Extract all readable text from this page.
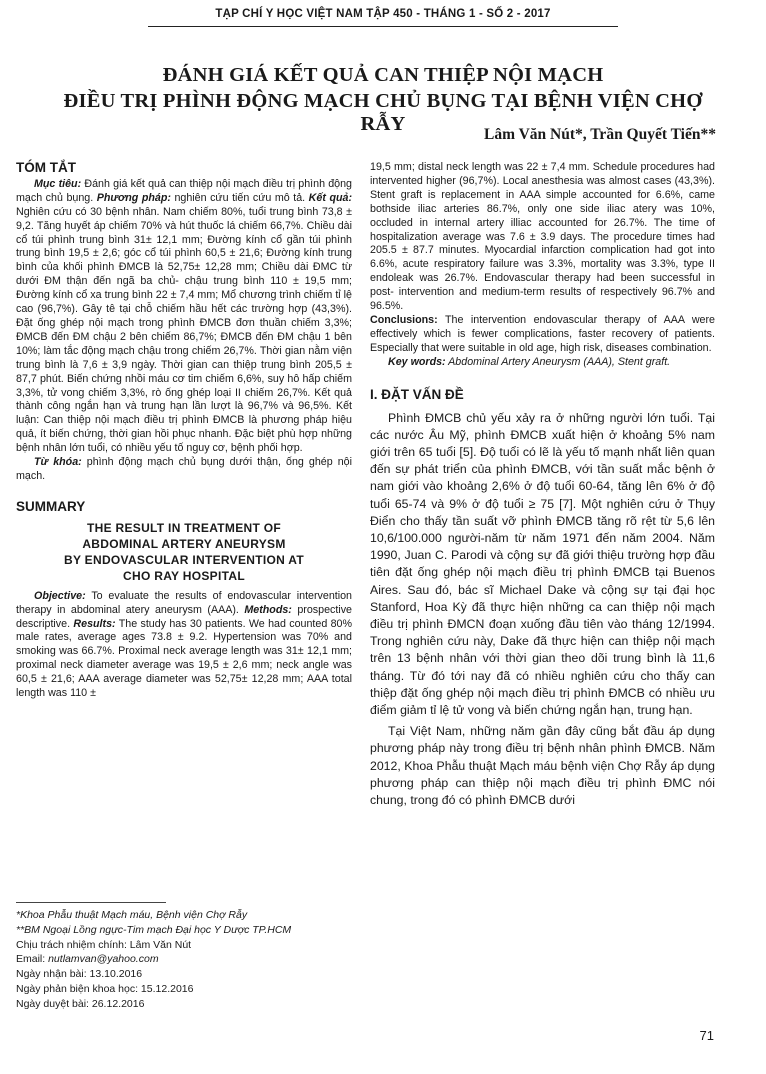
TẠP CHÍ Y HỌC VIỆT NAM TẬP 450 - THÁNG 1 - SỐ 2 - 2017
ĐÁNH GIÁ KẾT QUẢ CAN THIỆP NỘI MẠCH
ĐIỀU TRỊ PHÌNH ĐỘNG MẠCH CHỦ BỤNG TẠI BỆNH VIỆN CHỢ RẪY	Lâm Văn Nút*, Trần Quyết Tiến**
TÓM TẮT

Mục tiêu: Đánh giá kết quả can thiệp nội mạch điều trị phình động mạch chủ bụng. Phương pháp: nghiên cứu tiến cứu mô tả. Kết quả: Nghiên cứu có 30 bệnh nhân. Nam chiếm 80%, tuổi trung bình 73,8 ± 9,2. Tăng huyết áp chiếm 70% và hút thuốc lá chiếm 66,7%. Chiều dài cổ túi phình trung bình 31± 12,1 mm; Đường kính cổ gần túi phình trung bình 19,5 ± 2,6; góc cổ túi phình 60,5 ± 21,6; Đường kính trung bình của khối phình ĐMCB là 52,75± 12,28 mm; Chiều dài ĐMC từ dưới ĐM thận đến ngã ba chủ- chậu trung bình 110 ± 19,5 mm; Đường kính cổ xa trung bình 22 ± 7,4 mm; Mổ chương trình chiếm tỉ lệ cao (96,7%). Gây tê tại chỗ chiếm hầu hết các trường hợp (43,3%). Đặt ống ghép nội mạch trong phình ĐMCB đơn thuần chiếm 3,3%; ĐMCB đến ĐM chậu 2 bên chiếm 86,7%; ĐMCB đến ĐM chậu 1 bên 10%; làm tắc động mạch chậu trong chiếm 26,7%. Thời gian nằm viện trung bình là 7,6 ± 3,9 ngày. Thời gian can thiệp trung bình 205,5 ± 87,7 phút. Biến chứng nhồi máu cơ tim chiếm 6,6%, suy hô hấp chiếm 3,3%, tử vong chiếm 3,3%, rò ống ghép loại II chiếm 26,7%. Kết quả thành công ngắn hạn và trung hạn lần lượt là 96,7% và 96,5%. Kết luận: Can thiệp nội mạch điều trị phình ĐMCB là phương pháp hiệu quả, ít biến chứng, thời gian hồi phục nhanh. Đặc biệt phù hợp những bệnh nhân lớn tuổi, có nhiều yếu tố nguy cơ, bệnh phối hợp.

Từ khóa: phình động mạch chủ bụng dưới thận, ống ghép nội mạch.

SUMMARY
THE RESULT IN TREATMENT OF
ABDOMINAL ARTERY ANEURYSM
BY ENDOVASCULAR INTERVENTION AT
CHO RAY HOSPITAL

Objective: To evaluate the results of endovascular intervention therapy in abdominal atery aneurysm (AAA). Methods: prospective descriptive. Results: The study has 30 patients. We had counted 80% male rates, average ages 73.8 ± 9.2. Hypertension was 70% and smoking was 66.7%. Proximal neck average length was 31± 12,1 mm; proximal neck diameter average was 19,5 ± 2,6 mm; neck angle was 60,5 ± 21,6; AAA average diameter was 52,75± 12,28 mm; AAA total length was 110 ±

*Khoa Phẫu thuật Mạch máu, Bệnh viện Chợ Rẫy
**BM Ngoại Lồng ngực-Tim mạch Đại học Y Dược TP.HCM
Chịu trách nhiệm chính: Lâm Văn Nút
Email: nutlamvan@yahoo.com
Ngày nhận bài: 13.10.2016
Ngày phản biện khoa học: 15.12.2016
Ngày duyệt bài: 26.12.2016

19,5 mm; distal neck length was 22 ± 7,4 mm. Schedule procedures had intervented higher (96,7%). Local anesthesia was almost cases (43,3%). Stent graft is replacement in AAA simple accounted for 6.6%, came bothside iliac arteries 86.7%, only one side iliac atery was 10%, occluded in internal artery illiac accounted for 26.7%. The time of hospitalization average was 7.6 ± 3.9 days. The procedure times had 205.5 ± 87.7 minutes. Myocardial infarction complication had got into 6.6%, acute respiratory failure was 3.3%, mortality was 3.3%, type II endoleak was 26.7%. Endovascular therapy had been successful in post- intervention and medium-term results of respectively 96.7% and 96.5%.

Conclusions: The intervention endovascular therapy of AAA were effectively which is fewer complications, faster recovery of patients. Especially that were suitable in old age, high risk, diseases combination.

Key words: Abdominal Artery Aneurysm (AAA), Stent graft.

I. ĐẶT VẤN ĐỀ

Phình ĐMCB chủ yếu xảy ra ở những người lớn tuổi. Tại các nước Âu Mỹ, phình ĐMCB xuất hiện ở khoảng 5% nam giới trên 65 tuổi [5]. Độ tuổi có lẽ là yếu tố mạnh nhất liên quan đến sự phát triển của phình ĐMCB, với tần suất mắc bệnh ở nam giới vào khoảng 2,6% ở độ tuổi 60-64, tăng lên 6% ở độ tuổi 65-74 và 9% ở độ tuổi ≥ 75 [7]. Một nghiên cứu ở Thụy Điển cho thấy tần suất vỡ phình ĐMCB tăng rõ rệt từ 5,6 lên 10,6/100.000 người-năm từ năm 1971 đến năm 2004. Năm 1990, Juan C. Parodi và cộng sự đã giới thiệu trường hợp đầu tiên đặt ống ghép nội mạch điều trị phình ĐMCB tại Buenos Aires. Sau đó, bác sĩ Michael Dake và cộng sự tại đại học Stanford, Hoa Kỳ đã thực hiện những ca can thiệp nội mạch điều trị phình ĐMCN đoạn xuống đầu tiên vào tháng 12/1994. Trong nghiên cứu này, Dake đã thực hiện can thiệp nội mạch trên 13 bệnh nhân với thời gian theo dõi trung bình là 11,6 tháng. Từ đó tới nay đã có nhiều nghiên cứu cho thấy can thiệp đặt ống ghép nội mạch điều trị phình ĐMCB có nhiều ưu điểm giảm tỉ lệ tử vong và biến chứng ngắn hạn, trung hạn.

Tại Việt Nam, những năm gần đây cũng bắt đầu áp dụng phương pháp này trong điều trị bệnh nhân phình ĐMCB. Năm 2012, Khoa Phẫu thuật Mạch máu bệnh viện Chợ Rẫy áp dụng phương pháp can thiệp nội mạch điều trị phình ĐMC nói chung, trong đó có phình ĐMCB dưới

71
